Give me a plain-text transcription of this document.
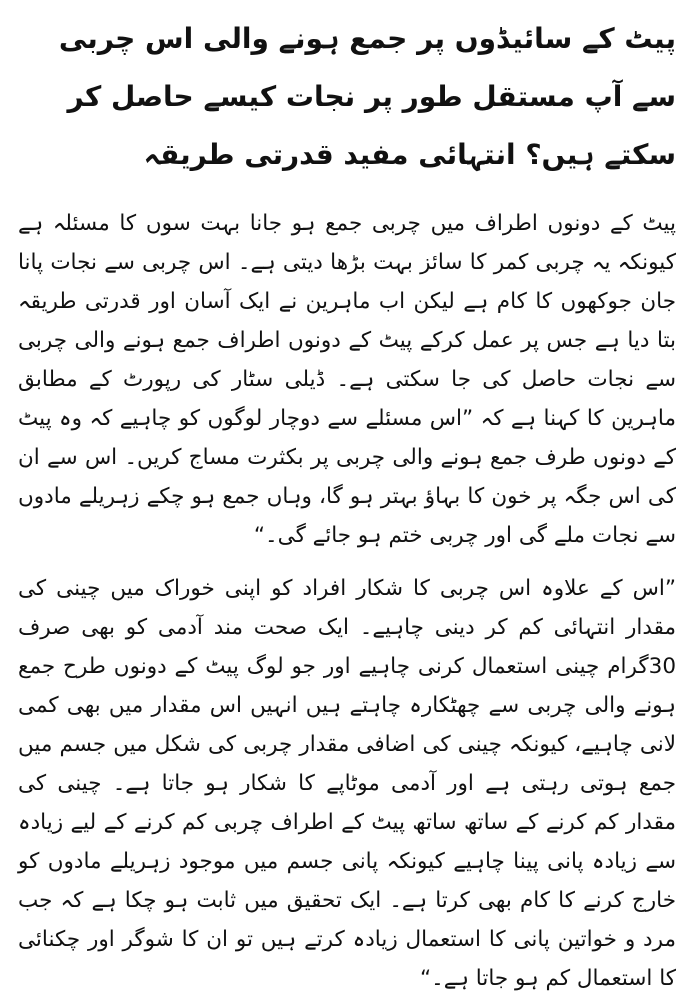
پیٹ کے سائیڈوں پر جمع ہونے والی اس چربی سے آپ مستقل طور پر نجات کیسے حاصل کر سکتے ہیں؟ انتہائی مفید قدرتی طریقہ

پیٹ کے دونوں اطراف میں چربی جمع ہو جانا بہت سوں کا مسئلہ ہے کیونکہ یہ چربی کمر کا سائز بہت بڑھا دیتی ہے۔ اس چربی سے نجات پانا جان جوکھوں کا کام ہے لیکن اب ماہرین نے ایک آسان اور قدرتی طریقہ بتا دیا ہے جس پر عمل کرکے پیٹ کے دونوں اطراف جمع ہونے والی چربی سے نجات حاصل کی جا سکتی ہے۔ ڈیلی سٹار کی رپورٹ کے مطابق ماہرین کا کہنا ہے کہ ”اس مسئلے سے دوچار لوگوں کو چاہیے کہ وہ پیٹ کے دونوں طرف جمع ہونے والی چربی پر بکثرت مساج کریں۔ اس سے ان کی اس جگہ پر خون کا بہاﺅ بہتر ہو گا، وہاں جمع ہو چکے زہریلے مادوں سے نجات ملے گی اور چربی ختم ہو جائے گی۔“

”اس کے علاوہ اس چربی کا شکار افراد کو اپنی خوراک میں چینی کی مقدار انتہائی کم کر دینی چاہیے۔ ایک صحت مند آدمی کو بھی صرف 30گرام چینی استعمال کرنی چاہیے اور جو لوگ پیٹ کے دونوں طرح جمع ہونے والی چربی سے چھٹکارہ چاہتے ہیں انہیں اس مقدار میں بھی کمی لانی چاہیے، کیونکہ چینی کی اضافی مقدار چربی کی شکل میں جسم میں جمع ہوتی رہتی ہے اور آدمی موٹاپے کا شکار ہو جاتا ہے۔ چینی کی مقدار کم کرنے کے ساتھ ساتھ پیٹ کے اطراف چربی کم کرنے کے لیے زیادہ سے زیادہ پانی پینا چاہیے کیونکہ پانی جسم میں موجود زہریلے مادوں کو خارج کرنے کا کام بھی کرتا ہے۔ ایک تحقیق میں ثابت ہو چکا ہے کہ جب مرد و خواتین پانی کا استعمال زیادہ کرتے ہیں تو ان کا شوگر اور چکنائی کا استعمال کم ہو جاتا ہے۔“
